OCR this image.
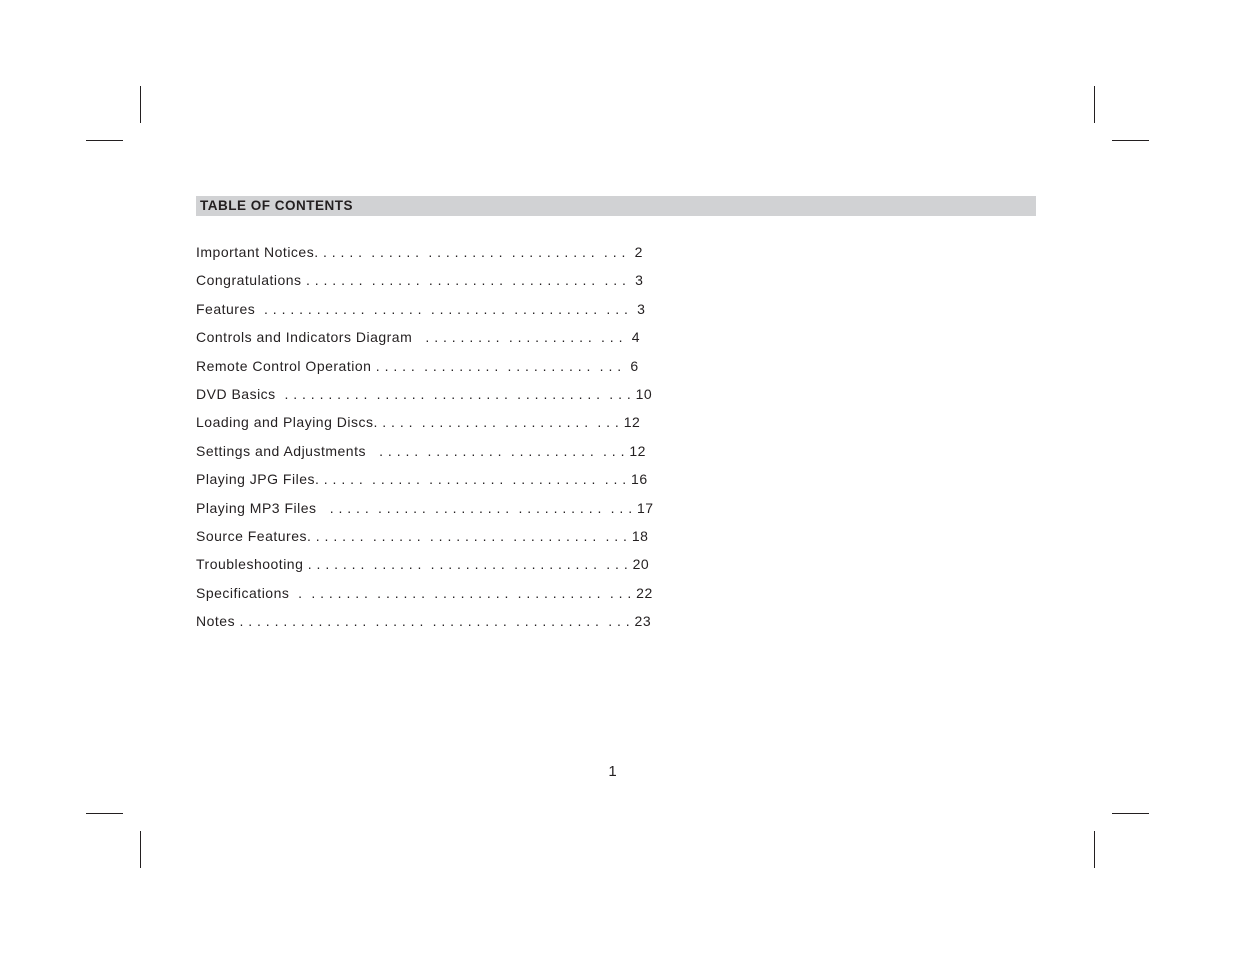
TABLE OF CONTENTS
Important Notices. . . . . .  . . . . . .  . . . . . . . . .  . . . . . . . . . .  . . .  2
Congratulations . . . . . . .  . . . . . .  . . . . . . . . .  . . . . . . . . . .  . . .  3
Features  . . . . . . . . . . . .  . . . . . .  . . . . . . . . .  . . . . . . . . . .  . . .  3
Controls and Indicators Diagram   . . . . . . . . .  . . . . . . . . . .  . . .  4
Remote Control Operation . . . . .  . . . . . . . . .  . . . . . . . . . .  . . .  6
DVD Basics  . . . . . . . . . .  . . . . . .  . . . . . . . . .  . . . . . . . . . .  . . . 10
Loading and Playing Discs. . . . .  . . . . . . . . .  . . . . . . . . . .  . . . 12
Settings and Adjustments   . . . . .  . . . . . . . . .  . . . . . . . . . .  . . . 12
Playing JPG Files. . . . . .  . . . . . .  . . . . . . . . .  . . . . . . . . . .  . . . 16
Playing MP3 Files   . . . . .  . . . . . .  . . . . . . . . .  . . . . . . . . . .  . . . 17
Source Features. . . . . . .  . . . . . .  . . . . . . . . .  . . . . . . . . . .  . . . 18
Troubleshooting . . . . . . .  . . . . . .  . . . . . . . . .  . . . . . . . . . .  . . . 20
Specifications  .  . . . . . . .  . . . . . .  . . . . . . . . .  . . . . . . . . . .  . . . 22
Notes . . . . . . . . . . . . . . .  . . . . . .  . . . . . . . . .  . . . . . . . . . .  . . . 23
1
